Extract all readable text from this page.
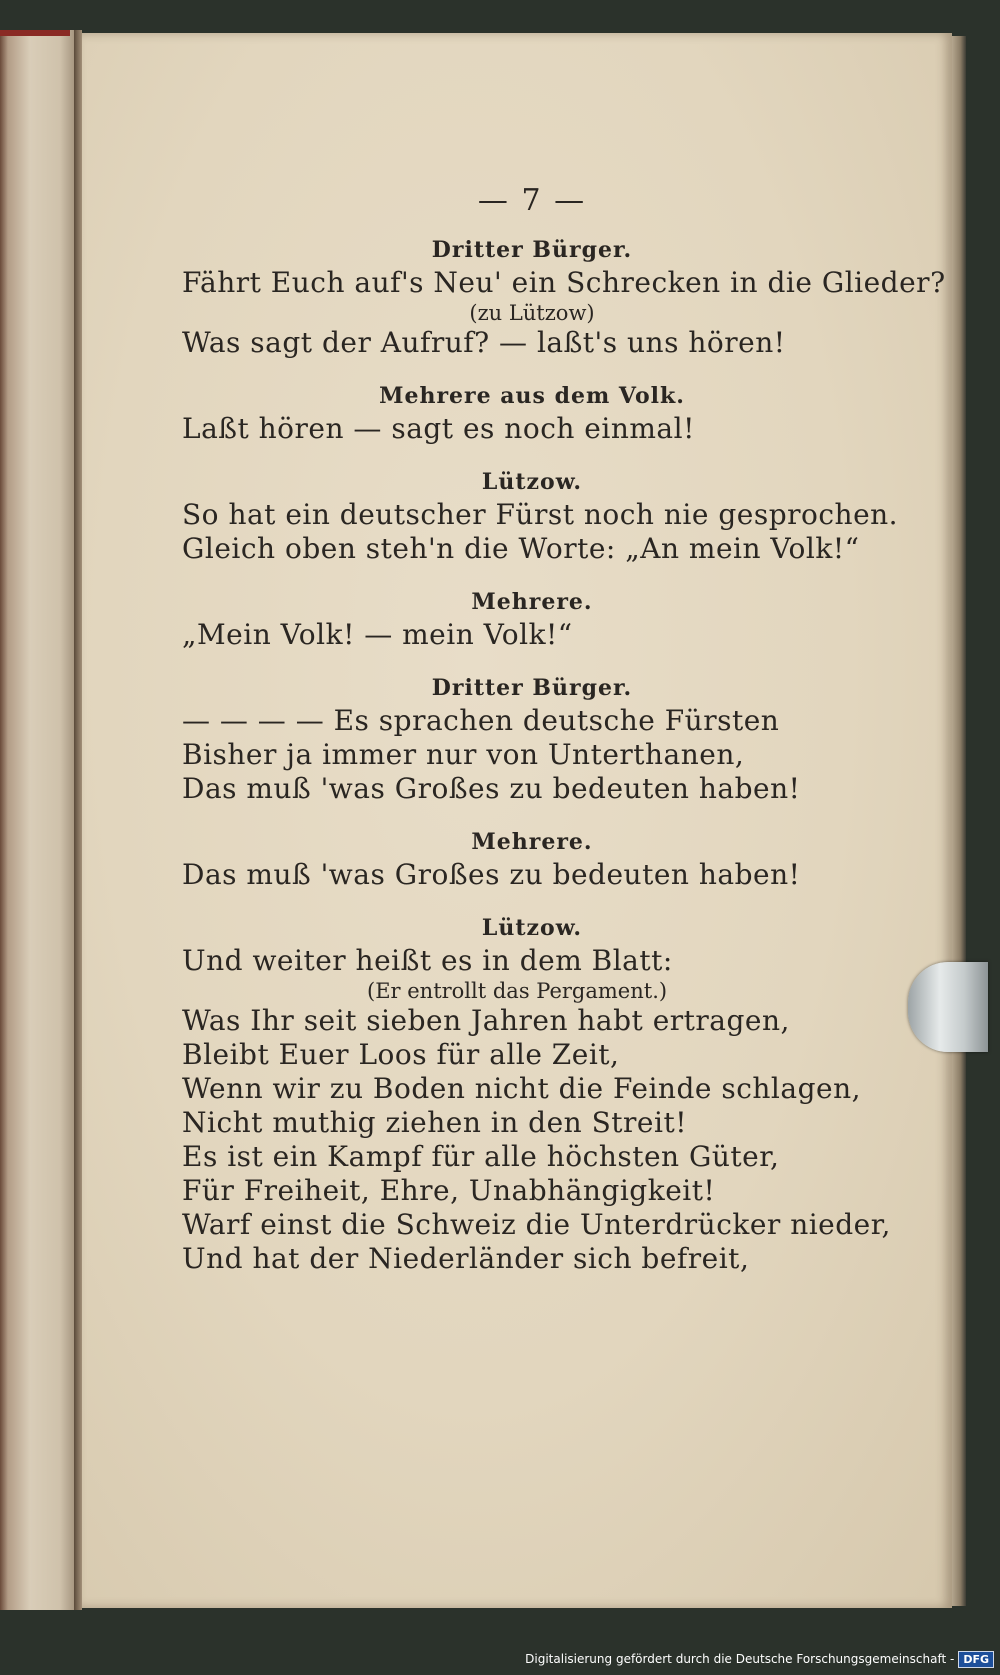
— 7 —
Dritter Bürger.
Fährt Euch auf's Neu' ein Schrecken in die Glieder?
(zu Lützow)
Was sagt der Aufruf? — laßt's uns hören!
Mehrere aus dem Volk.
Laßt hören — sagt es noch einmal!
Lützow.
So hat ein deutscher Fürst noch nie gesprochen.
Gleich oben steh'n die Worte: „An mein Volk!“
Mehrere.
„Mein Volk! — mein Volk!“
Dritter Bürger.
— — — — Es sprachen deutsche Fürsten
Bisher ja immer nur von Unterthanen,
Das muß 'was Großes zu bedeuten haben!
Mehrere.
Das muß 'was Großes zu bedeuten haben!
Lützow.
Und weiter heißt es in dem Blatt:
(Er entrollt das Pergament.)
Was Ihr seit sieben Jahren habt ertragen,
Bleibt Euer Loos für alle Zeit,
Wenn wir zu Boden nicht die Feinde schlagen,
Nicht muthig ziehen in den Streit!
Es ist ein Kampf für alle höchsten Güter,
Für Freiheit, Ehre, Unabhängigkeit!
Warf einst die Schweiz die Unterdrücker nieder,
Und hat der Niederländer sich befreit,
Digitalisierung gefördert durch die Deutsche Forschungsgemeinschaft - DFG
